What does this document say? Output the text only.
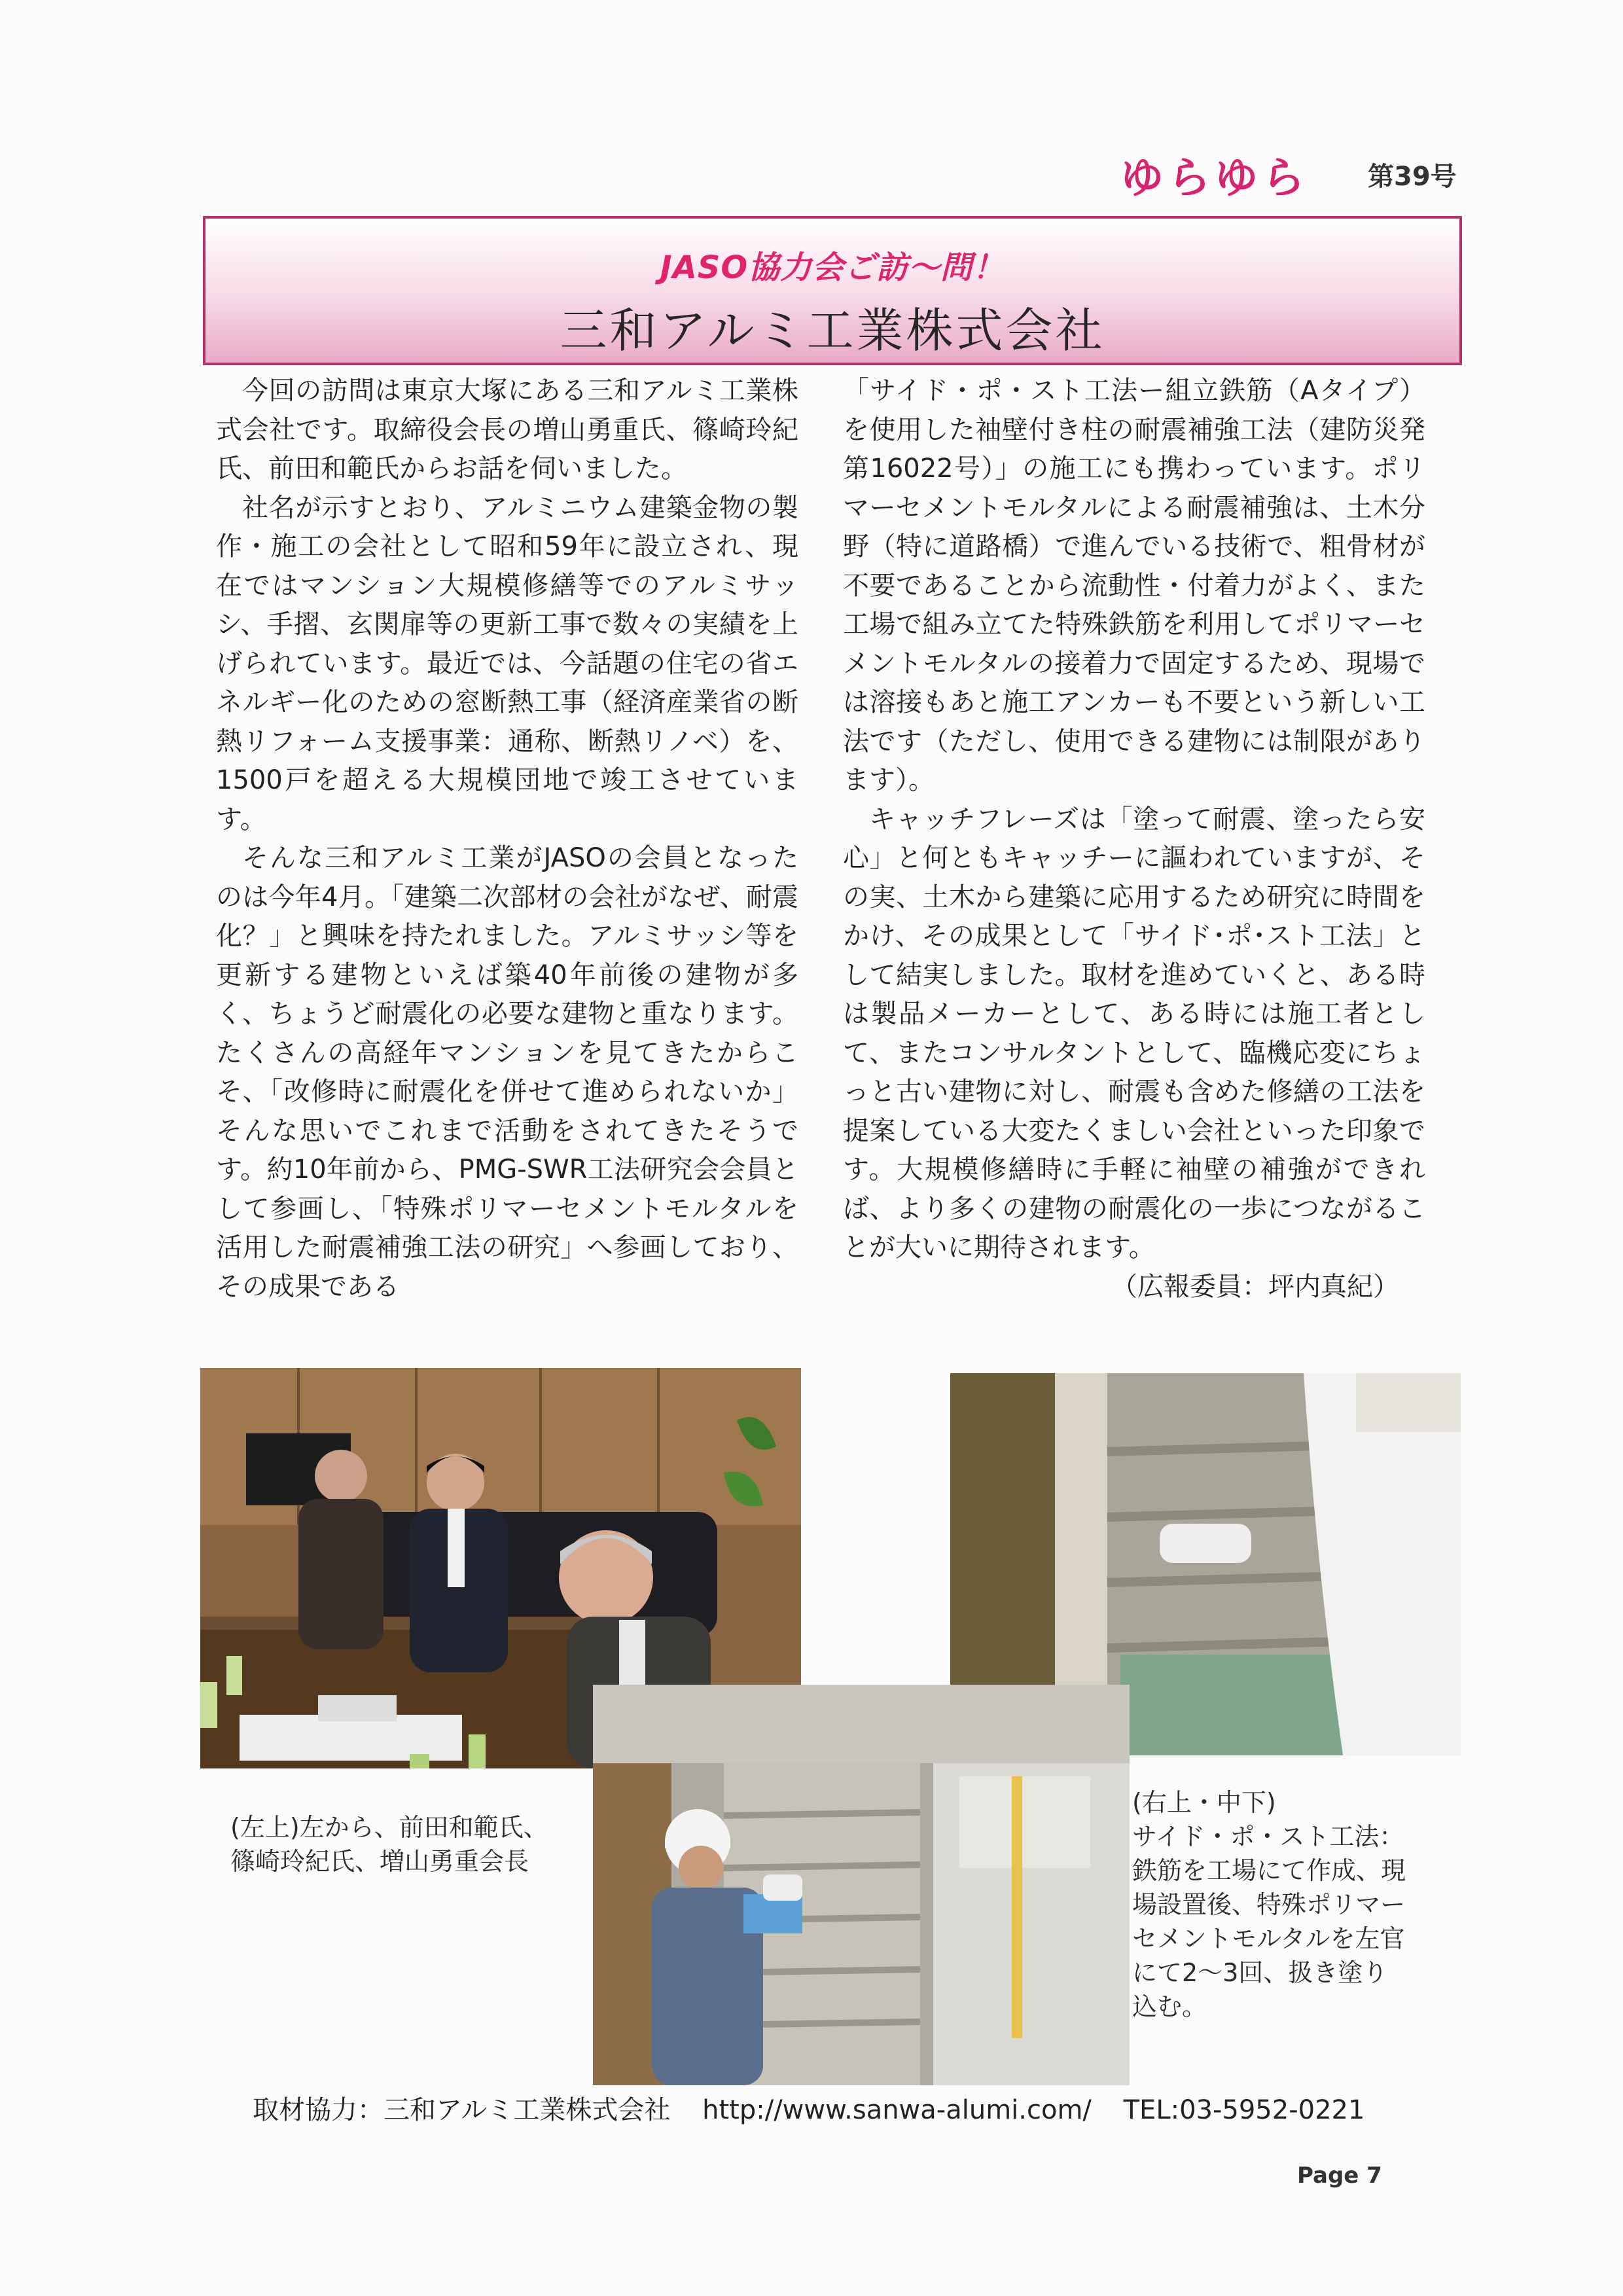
ゆらゆら 第39号
JASO協力会ご訪～問！
三和アルミ工業株式会社

今回の訪問は東京大塚にある三和アルミ工業株式会社です。取締役会長の増山勇重氏、篠崎玲紀氏、前田和範氏からお話を伺いました。

社名が示すとおり、アルミニウム建築金物の製作・施工の会社として昭和59年に設立され、現在ではマンション大規模修繕等でのアルミサッシ、手摺、玄関扉等の更新工事で数々の実績を上げられています。最近では、今話題の住宅の省エネルギー化のための窓断熱工事（経済産業省の断熱リフォーム支援事業：通称、断熱リノベ）を、1500戸を超える大規模団地で竣工させています。

そんな三和アルミ工業がJASOの会員となったのは今年4月。「建築二次部材の会社がなぜ、耐震化？」と興味を持たれました。アルミサッシ等を更新する建物といえば築40年前後の建物が多く、ちょうど耐震化の必要な建物と重なります。たくさんの高経年マンションを見てきたからこそ、「改修時に耐震化を併せて進められないか」そんな思いでこれまで活動をされてきたそうです。約10年前から、PMG-SWR工法研究会会員として参画し、「特殊ポリマーセメントモルタルを活用した耐震補強工法の研究」へ参画しており、その成果である

「サイド・ポ・スト工法ー組立鉄筋（Aタイプ）を使用した袖壁付き柱の耐震補強工法（建防災発第16022号）」の施工にも携わっています。ポリマーセメントモルタルによる耐震補強は、土木分野（特に道路橋）で進んでいる技術で、粗骨材が不要であることから流動性・付着力がよく、また工場で組み立てた特殊鉄筋を利用してポリマーセメントモルタルの接着力で固定するため、現場では溶接もあと施工アンカーも不要という新しい工法です（ただし、使用できる建物には制限があります）。

キャッチフレーズは「塗って耐震、塗ったら安心」と何ともキャッチーに謳われていますが、その実、土木から建築に応用するため研究に時間をかけ、その成果として「サイド･ポ･スト工法」として結実しました。取材を進めていくと、ある時は製品メーカーとして、ある時には施工者として、またコンサルタントとして、臨機応変にちょっと古い建物に対し、耐震も含めた修繕の工法を提案している大変たくましい会社といった印象です。大規模修繕時に手軽に袖壁の補強ができれば、より多くの建物の耐震化の一歩につながることが大いに期待されます。

（広報委員：坪内真紀）

(左上)左から、前田和範氏、
篠崎玲紀氏、増山勇重会長
(右上・中下)
サイド・ポ・スト工法：
鉄筋を工場にて作成、現
場設置後、特殊ポリマー
セメントモルタルを左官
にて2～3回、扱き塗り
込む。
取材協力：三和アルミ工業株式会社 http://www.sanwa-alumi.com/ TEL:03-5952-0221
Page 7
